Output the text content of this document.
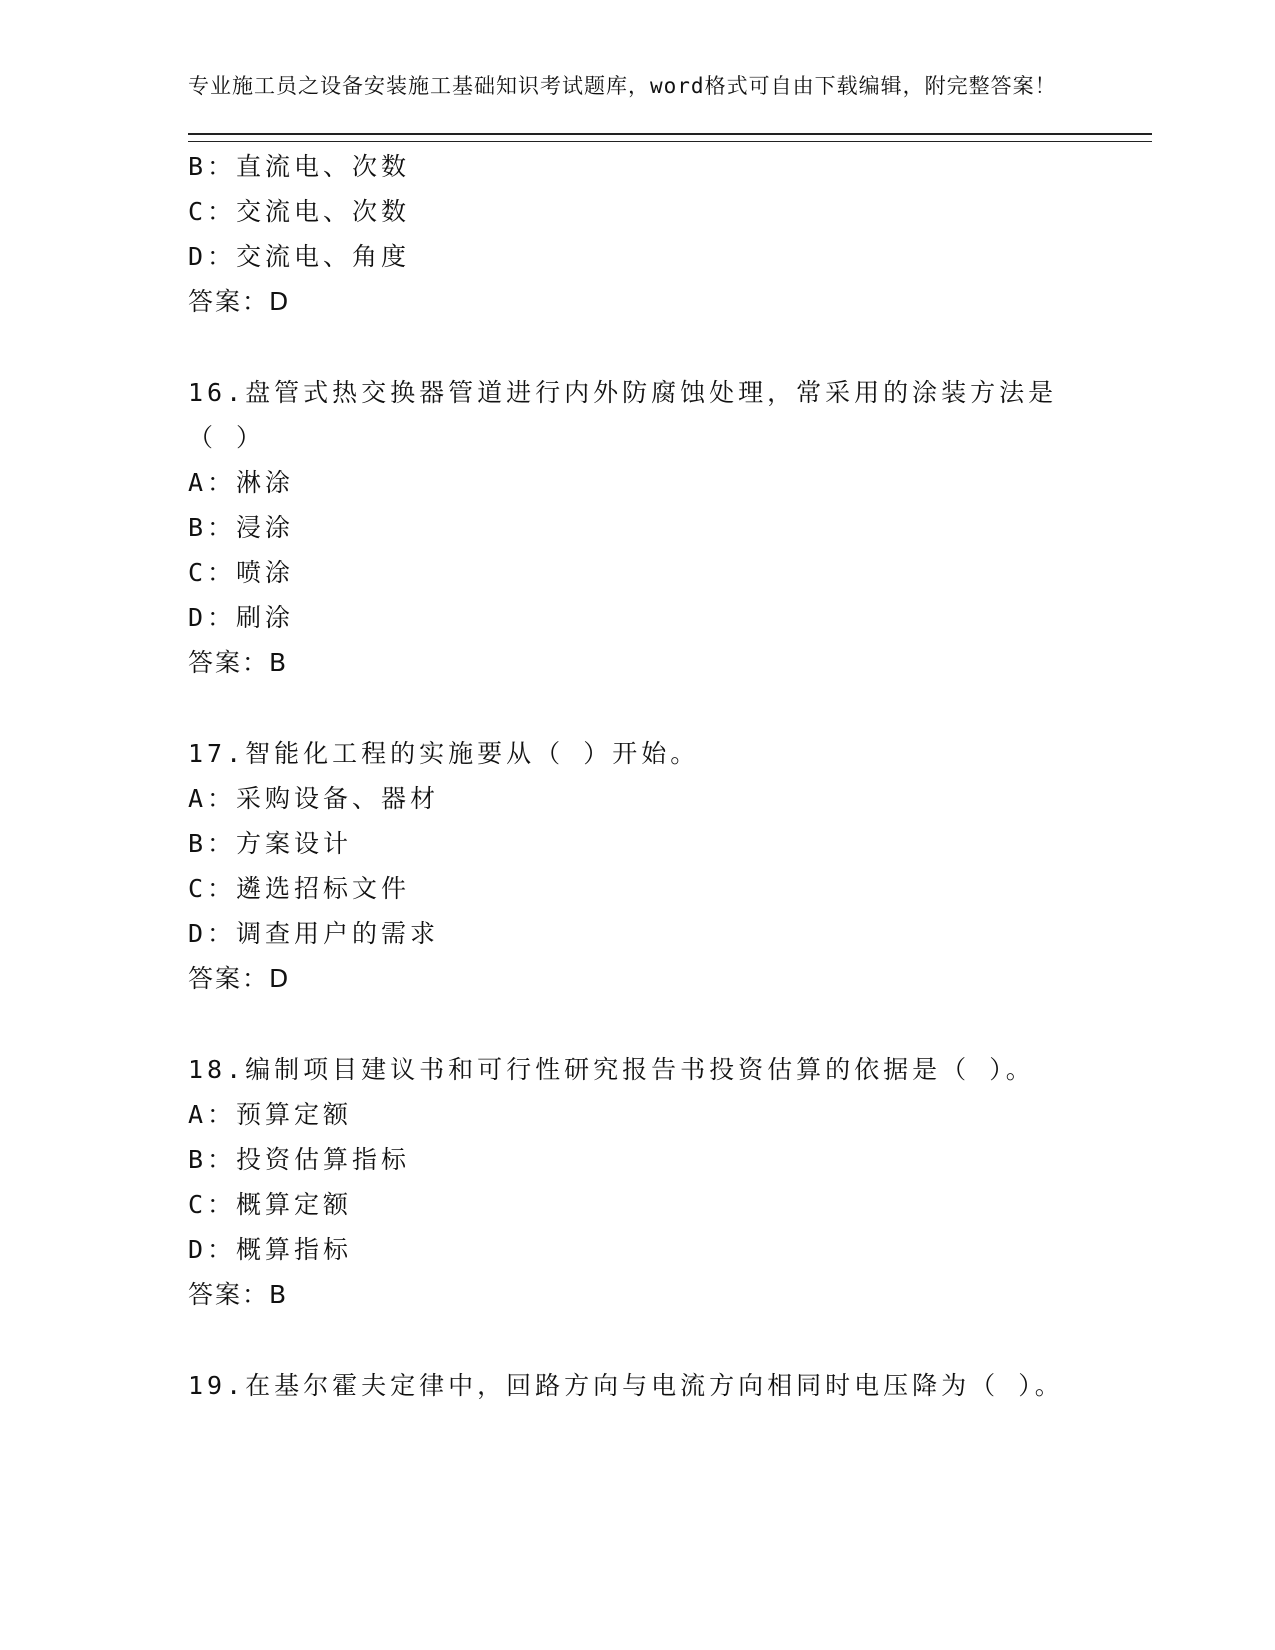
专业施工员之设备安装施工基础知识考试题库，word格式可自由下载编辑，附完整答案！

B：直流电、次数
C：交流电、次数
D：交流电、角度
答案：D
16.盘管式热交换器管道进行内外防腐蚀处理，常采用的涂装方法是（ ）
A：淋涂
B：浸涂
C：喷涂
D：刷涂
答案：B
17.智能化工程的实施要从（ ）开始。
A：采购设备、器材
B：方案设计
C：遴选招标文件
D：调查用户的需求
答案：D
18.编制项目建议书和可行性研究报告书投资估算的依据是（ ）。
A：预算定额
B：投资估算指标
C：概算定额
D：概算指标
答案：B
19.在基尔霍夫定律中，回路方向与电流方向相同时电压降为（ ）。
